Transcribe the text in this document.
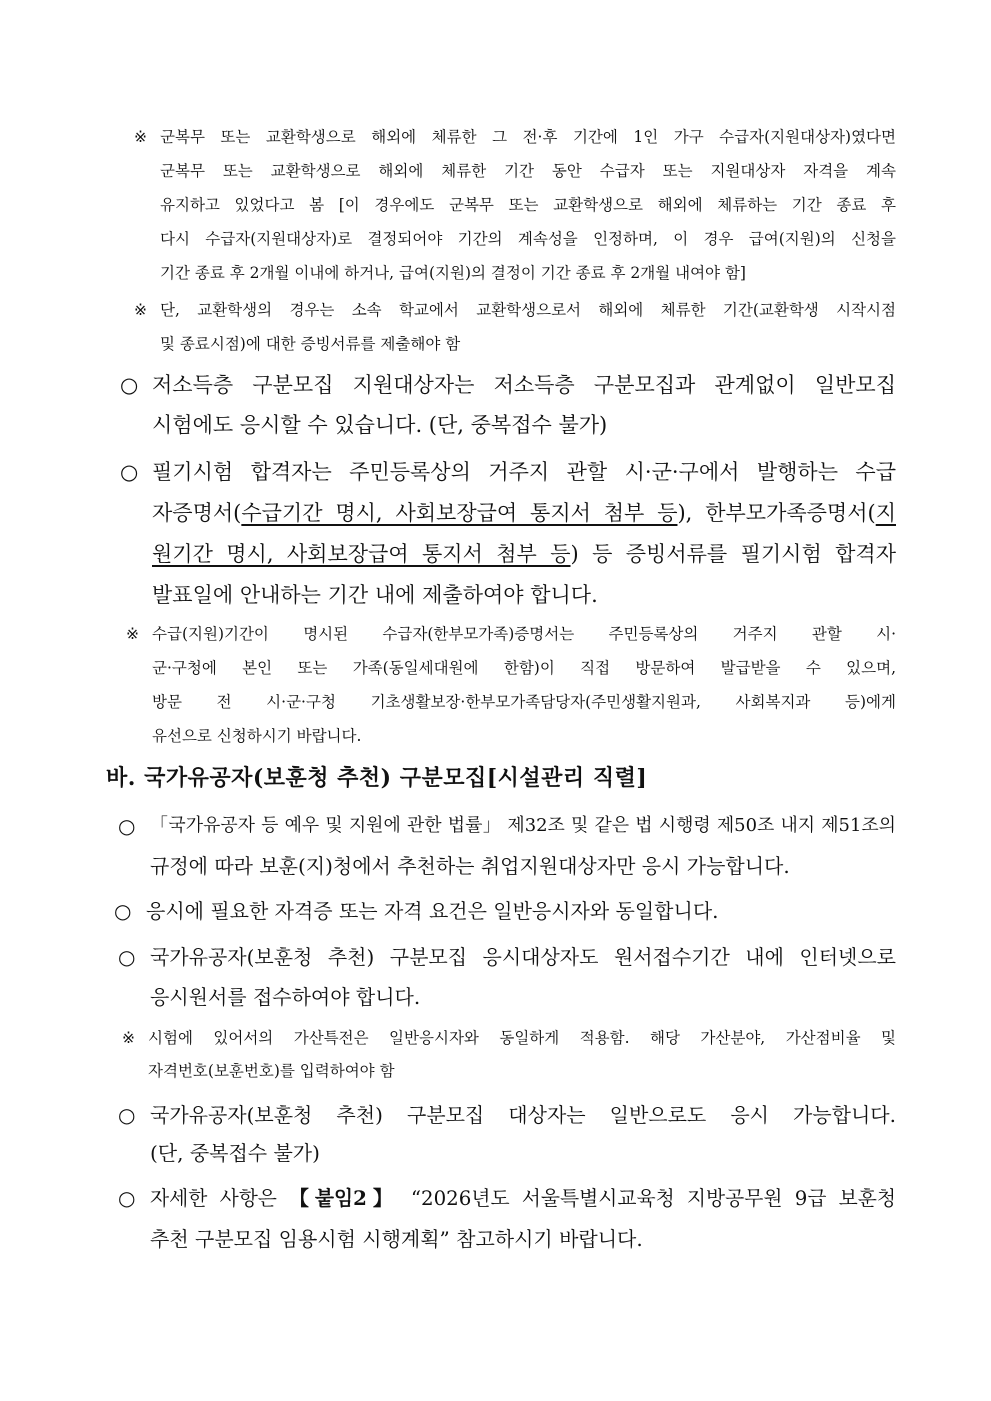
※ 군복무 또는 교환학생으로 해외에 체류한 그 전·후 기간에 1인 가구 수급자(지원대상자)였다면
군복무 또는 교환학생으로 해외에 체류한 기간 동안 수급자 또는 지원대상자 자격을 계속
유지하고 있었다고 봄 [이 경우에도 군복무 또는 교환학생으로 해외에 체류하는 기간 종료 후
다시 수급자(지원대상자)로 결정되어야 기간의 계속성을 인정하며, 이 경우 급여(지원)의 신청을
기간 종료 후 2개월 이내에 하거나, 급여(지원)의 결정이 기간 종료 후 2개월 내여야 함]
※ 단, 교환학생의 경우는 소속 학교에서 교환학생으로서 해외에 체류한 기간(교환학생 시작시점
및 종료시점)에 대한 증빙서류를 제출해야 함
○ 저소득층 구분모집 지원대상자는 저소득층 구분모집과 관계없이 일반모집
시험에도 응시할 수 있습니다. (단, 중복접수 불가)
○ 필기시험 합격자는 주민등록상의 거주지 관할 시·군·구에서 발행하는 수급
자증명서(수급기간 명시, 사회보장급여 통지서 첨부 등), 한부모가족증명서(지
원기간 명시, 사회보장급여 통지서 첨부 등) 등 증빙서류를 필기시험 합격자
발표일에 안내하는 기간 내에 제출하여야 합니다.
※ 수급(지원)기간이 명시된 수급자(한부모가족)증명서는 주민등록상의 거주지 관할 시·
군·구청에 본인 또는 가족(동일세대원에 한함)이 직접 방문하여 발급받을 수 있으며,
방문 전 시·군·구청 기초생활보장·한부모가족담당자(주민생활지원과, 사회복지과 등)에게
유선으로 신청하시기 바랍니다.
바. 국가유공자(보훈청 추천) 구분모집[시설관리 직렬]
○ 「국가유공자 등 예우 및 지원에 관한 법률」 제32조 및 같은 법 시행령 제50조 내지 제51조의
규정에 따라 보훈(지)청에서 추천하는 취업지원대상자만 응시 가능합니다.
○ 응시에 필요한 자격증 또는 자격 요건은 일반응시자와 동일합니다.
○ 국가유공자(보훈청 추천) 구분모집 응시대상자도 원서접수기간 내에 인터넷으로
응시원서를 접수하여야 합니다.
※ 시험에 있어서의 가산특전은 일반응시자와 동일하게 적용함. 해당 가산분야, 가산점비율 및
자격번호(보훈번호)를 입력하여야 함
○ 국가유공자(보훈청 추천) 구분모집 대상자는 일반으로도 응시 가능합니다.
(단, 중복접수 불가)
○ 자세한 사항은 【붙임2】 “2026년도 서울특별시교육청 지방공무원 9급 보훈청
추천 구분모집 임용시험 시행계획” 참고하시기 바랍니다.
